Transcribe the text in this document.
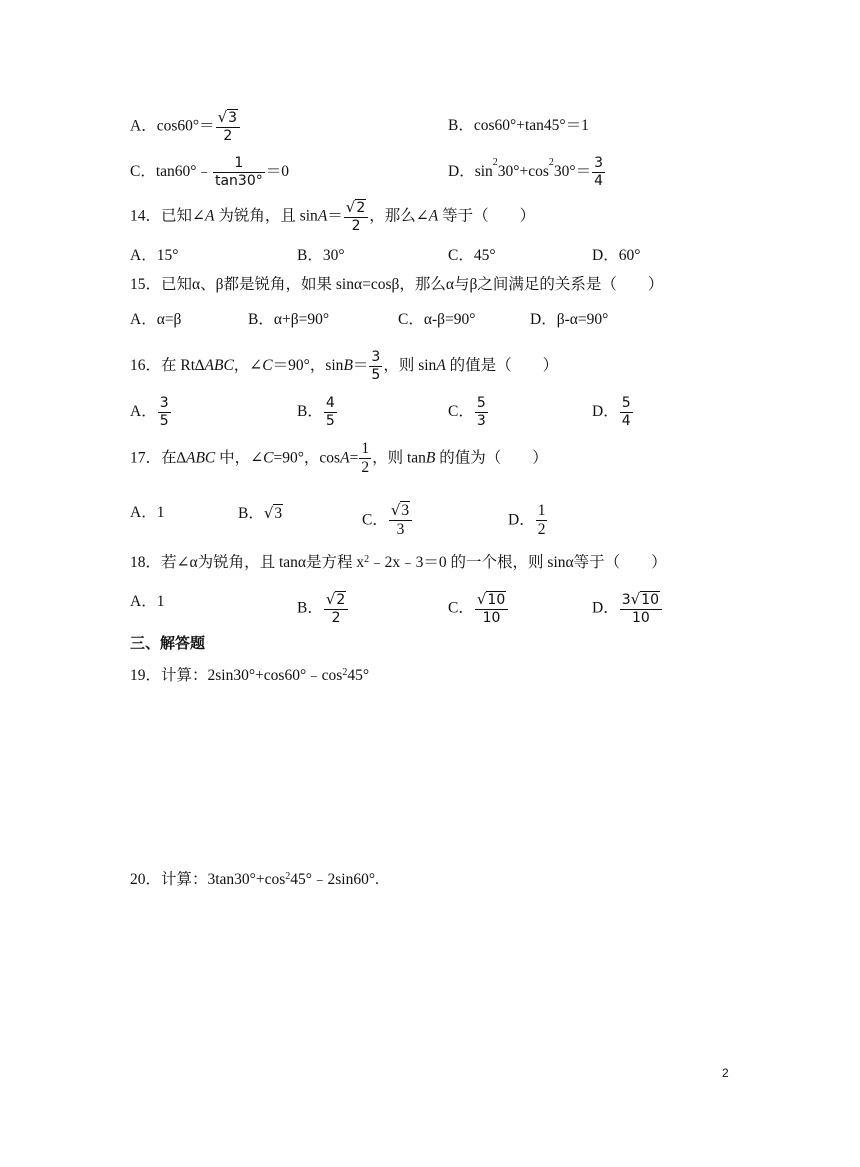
A．$\cos 60^\circ= \frac{√3}{2}$	B．cos60°+tan45°＝1
C．tan60°﹣ $\frac{1}{\tan 30^\circ} =0$	D．$\sin^230^\circ+\cos^230^\circ= \frac{3}{4}$
14．已知∠A 为锐角，且 $\sin A= \frac{√2}{2}$ ，那么∠A 等于（　　）
A．15°	B．30°	C．45°	D．60°
15．已知α、β都是锐角，如果 sinα=cosβ，那么α与β之间满足的关系是（　　）
A．α=β	B．α+β=90°	C．α-β=90°	D．β-α=90°
16．在 Rt∆ABC，∠C＝90°，$\sin B= \frac{3}{5}$ ，则 sinA 的值是（　　）
A． $\frac{3}{5}$	B． $\frac{4}{5}$	C． $\frac{5}{3}$	D． $\frac{5}{4}$
17．在∆ABC 中，∠C=90°，$\cos A= \frac{1}{2}$ ，则 tanB 的值为（　　）
A．1	B．√3	C． $\frac{√3}{3}$	D． $\frac{1}{2}$
18．若∠α为锐角，且 tanα是方程 $x^2﹣2x﹣3=0$ 的一个根，则 sinα等于（　　）
A．1	B． $\frac{√2}{2}$	C． $\frac{√10}{10}$	D． $\frac{3√10}{10}$
三、解答题
19．计算：$2\sin 30^\circ+\cos 60^\circ﹣\cos^245^\circ$
20．计算：$3\tan 30^\circ+\cos^245^\circ﹣2\sin 60^\circ$.
2
